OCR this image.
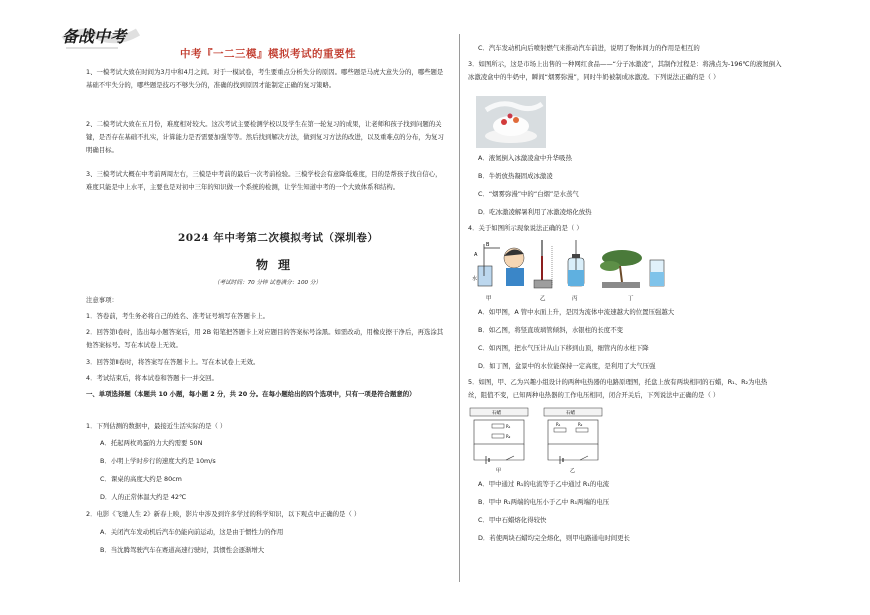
备战中考
中考『一二三模』模拟考试的重要性

1、一模考试大致在时间为3月中和4月之间。对于一模试卷，考生要重点分析失分的原因。哪些题是马虎大意失分的，哪些题是基础不牢失分的，哪些题是技巧不够失分的，准确的找到原因才能制定正确的复习策略。

2、二模考试大致在五月份，难度相对较大。这次考试主要检测学校以及学生在第一轮复习的成果，让老师和孩子找到问题的关键，是否存在基础不扎实，计算能力是否需要加强等等。然后找到解决方法，做到复习方法的改进，以及重难点的分布，为复习明确目标。

3、三模考试大概在中考前两周左右，三模是中考前的最后一次考前检验。三模学校会有意降低难度，目的是帮孩子找自信心，难度只能是中上水平，主要也是对初中三年的知识做一个系统的检测，让学生知道中考的一个大致体系和结构。

2024 年中考第二次模拟考试（深圳卷）
物理
（考试时间：70 分钟 试卷满分：100 分）

注意事项：

1．答卷前，考生务必将自己的姓名、准考证号填写在答题卡上。

2．回答第Ⅰ卷时，选出每小题答案后，用 2B 铅笔把答题卡上对应题目的答案标号涂黑。如需改动，用橡皮擦干净后，再选涂其他答案标号。写在本试卷上无效。

3．回答第Ⅱ卷时，将答案写在答题卡上。写在本试卷上无效。

4．考试结束后，将本试卷和答题卡一并交回。

一、单项选择题（本题共 10 小题，每小题 2 分，共 20 分。在每小题给出的四个选项中，只有一项是符合题意的）

1．下列估测的数据中，最接近生活实际的是（ ）

A．托起两枚鸡蛋的力大约需要 50N

B．小明上学时步行的速度大约是 10m/s

C．课桌的高度大约是 80cm

D．人的正常体温大约是 42℃

2．电影《飞驰人生 2》新春上映，影片中涉及到许多学过的科学知识，以下观点中正确的是（ ）

A．关闭汽车发动机后汽车仍能向前运动，这是由于惯性力的作用

B．当沈腾驾驶汽车在赛道高速行驶时，其惯性会逐渐增大

C．汽车发动机向后喷射燃气来推动汽车前进，说明了物体间力的作用是相互的

3．如图所示，这是市场上出售的一种网红食品——“分子冰激凌”，其制作过程是：将沸点为-196℃的液氮倒入冰激凌盒中的牛奶中，瞬间“烟雾弥漫”，同时牛奶被制成冰激凌。下列说法正确的是（ ）

A．液氮倒入冰激凌盒中升华吸热

B．牛奶放热凝固成冰激凌

C．“烟雾弥漫”中的“白烟”是水蒸气

D．吃冰激凌解暑利用了冰激凌熔化放热

4．关于如图所示现象说法正确的是（ ）

A
B
水
甲	乙	丙	丁

A．如甲图，A 管中水面上升，是因为流体中流速越大的位置压强越大

B．如乙图，将竖直玻璃管倾斜，水银柱的长度不变

C．如丙图，把水气压计从山下移到山顶，细管内的水柱下降

D．如丁图，盆景中的水位能保持一定高度，是利用了大气压强

5．如图，甲、乙为兴趣小组设计的两种电热器的电路原理图，托盘上放有两块相同的石蜡，R₁、R₂为电热丝，阻值不变，已知两种电热器的工作电压相同，闭合开关后，下列说法中正确的是（ ）

石蜡
R₁
R₂
甲
石蜡
R₁	R₂
乙

A．甲中通过 R₁的电流等于乙中通过 R₁的电流

B．甲中 R₁两端的电压小于乙中 R₁两端的电压

C．甲中石蜡熔化得较快

D．若使两块石蜡均完全熔化，则甲电路通电时间更长
